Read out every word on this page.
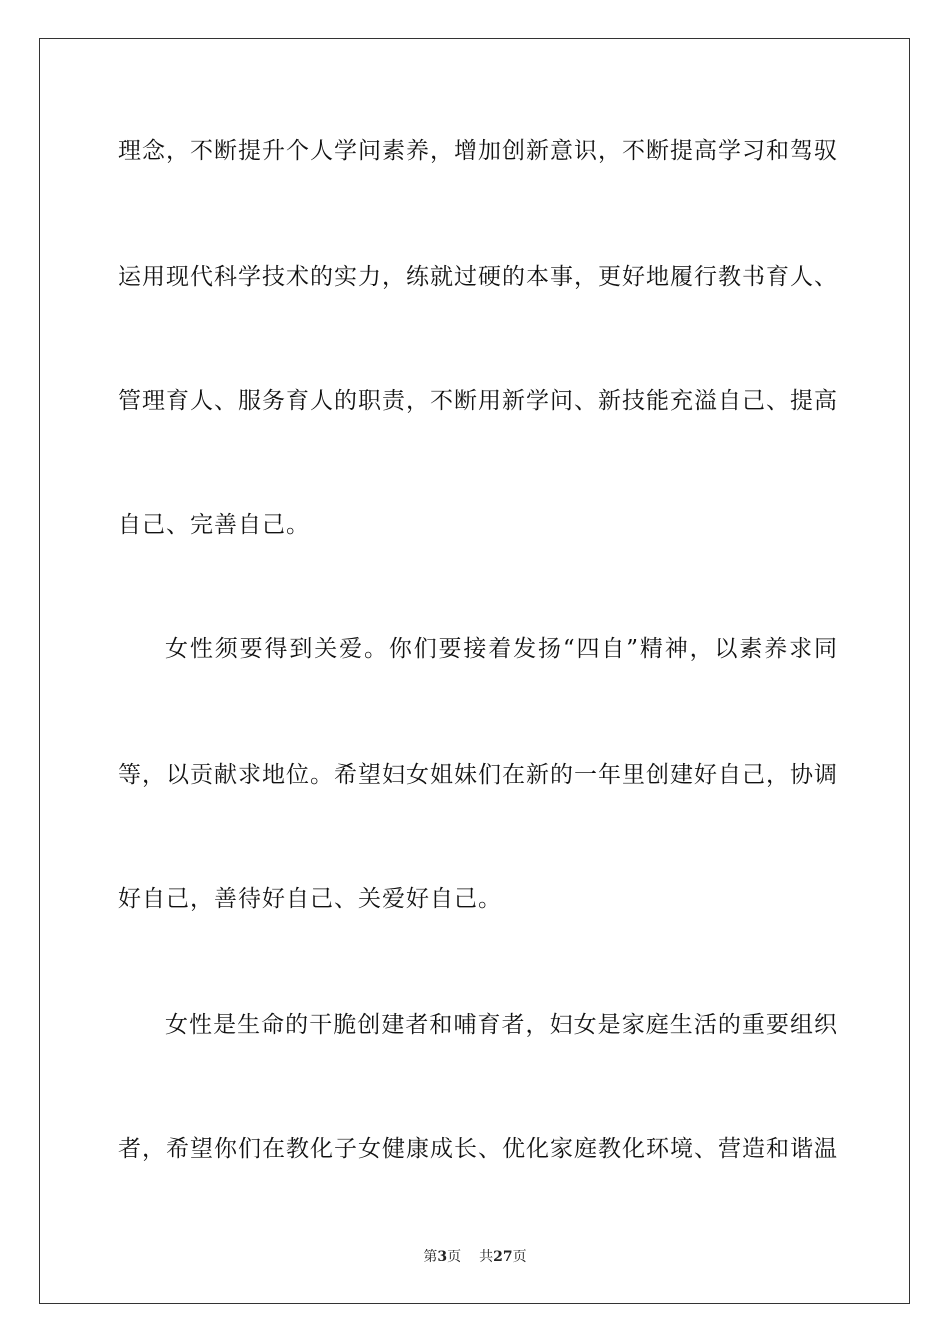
理念，不断提升个人学问素养，增加创新意识，不断提高学习和驾驭
运用现代科学技术的实力，练就过硬的本事，更好地履行教书育人、
管理育人、服务育人的职责，不断用新学问、新技能充溢自己、提高
自己、完善自己。
女性须要得到关爱。你们要接着发扬“四自”精神，以素养求同
等，以贡献求地位。希望妇女姐妹们在新的一年里创建好自己，协调
好自己，善待好自己、关爱好自己。
女性是生命的干脆创建者和哺育者，妇女是家庭生活的重要组织
者，希望你们在教化子女健康成长、优化家庭教化环境、营造和谐温
第3页 共27页
